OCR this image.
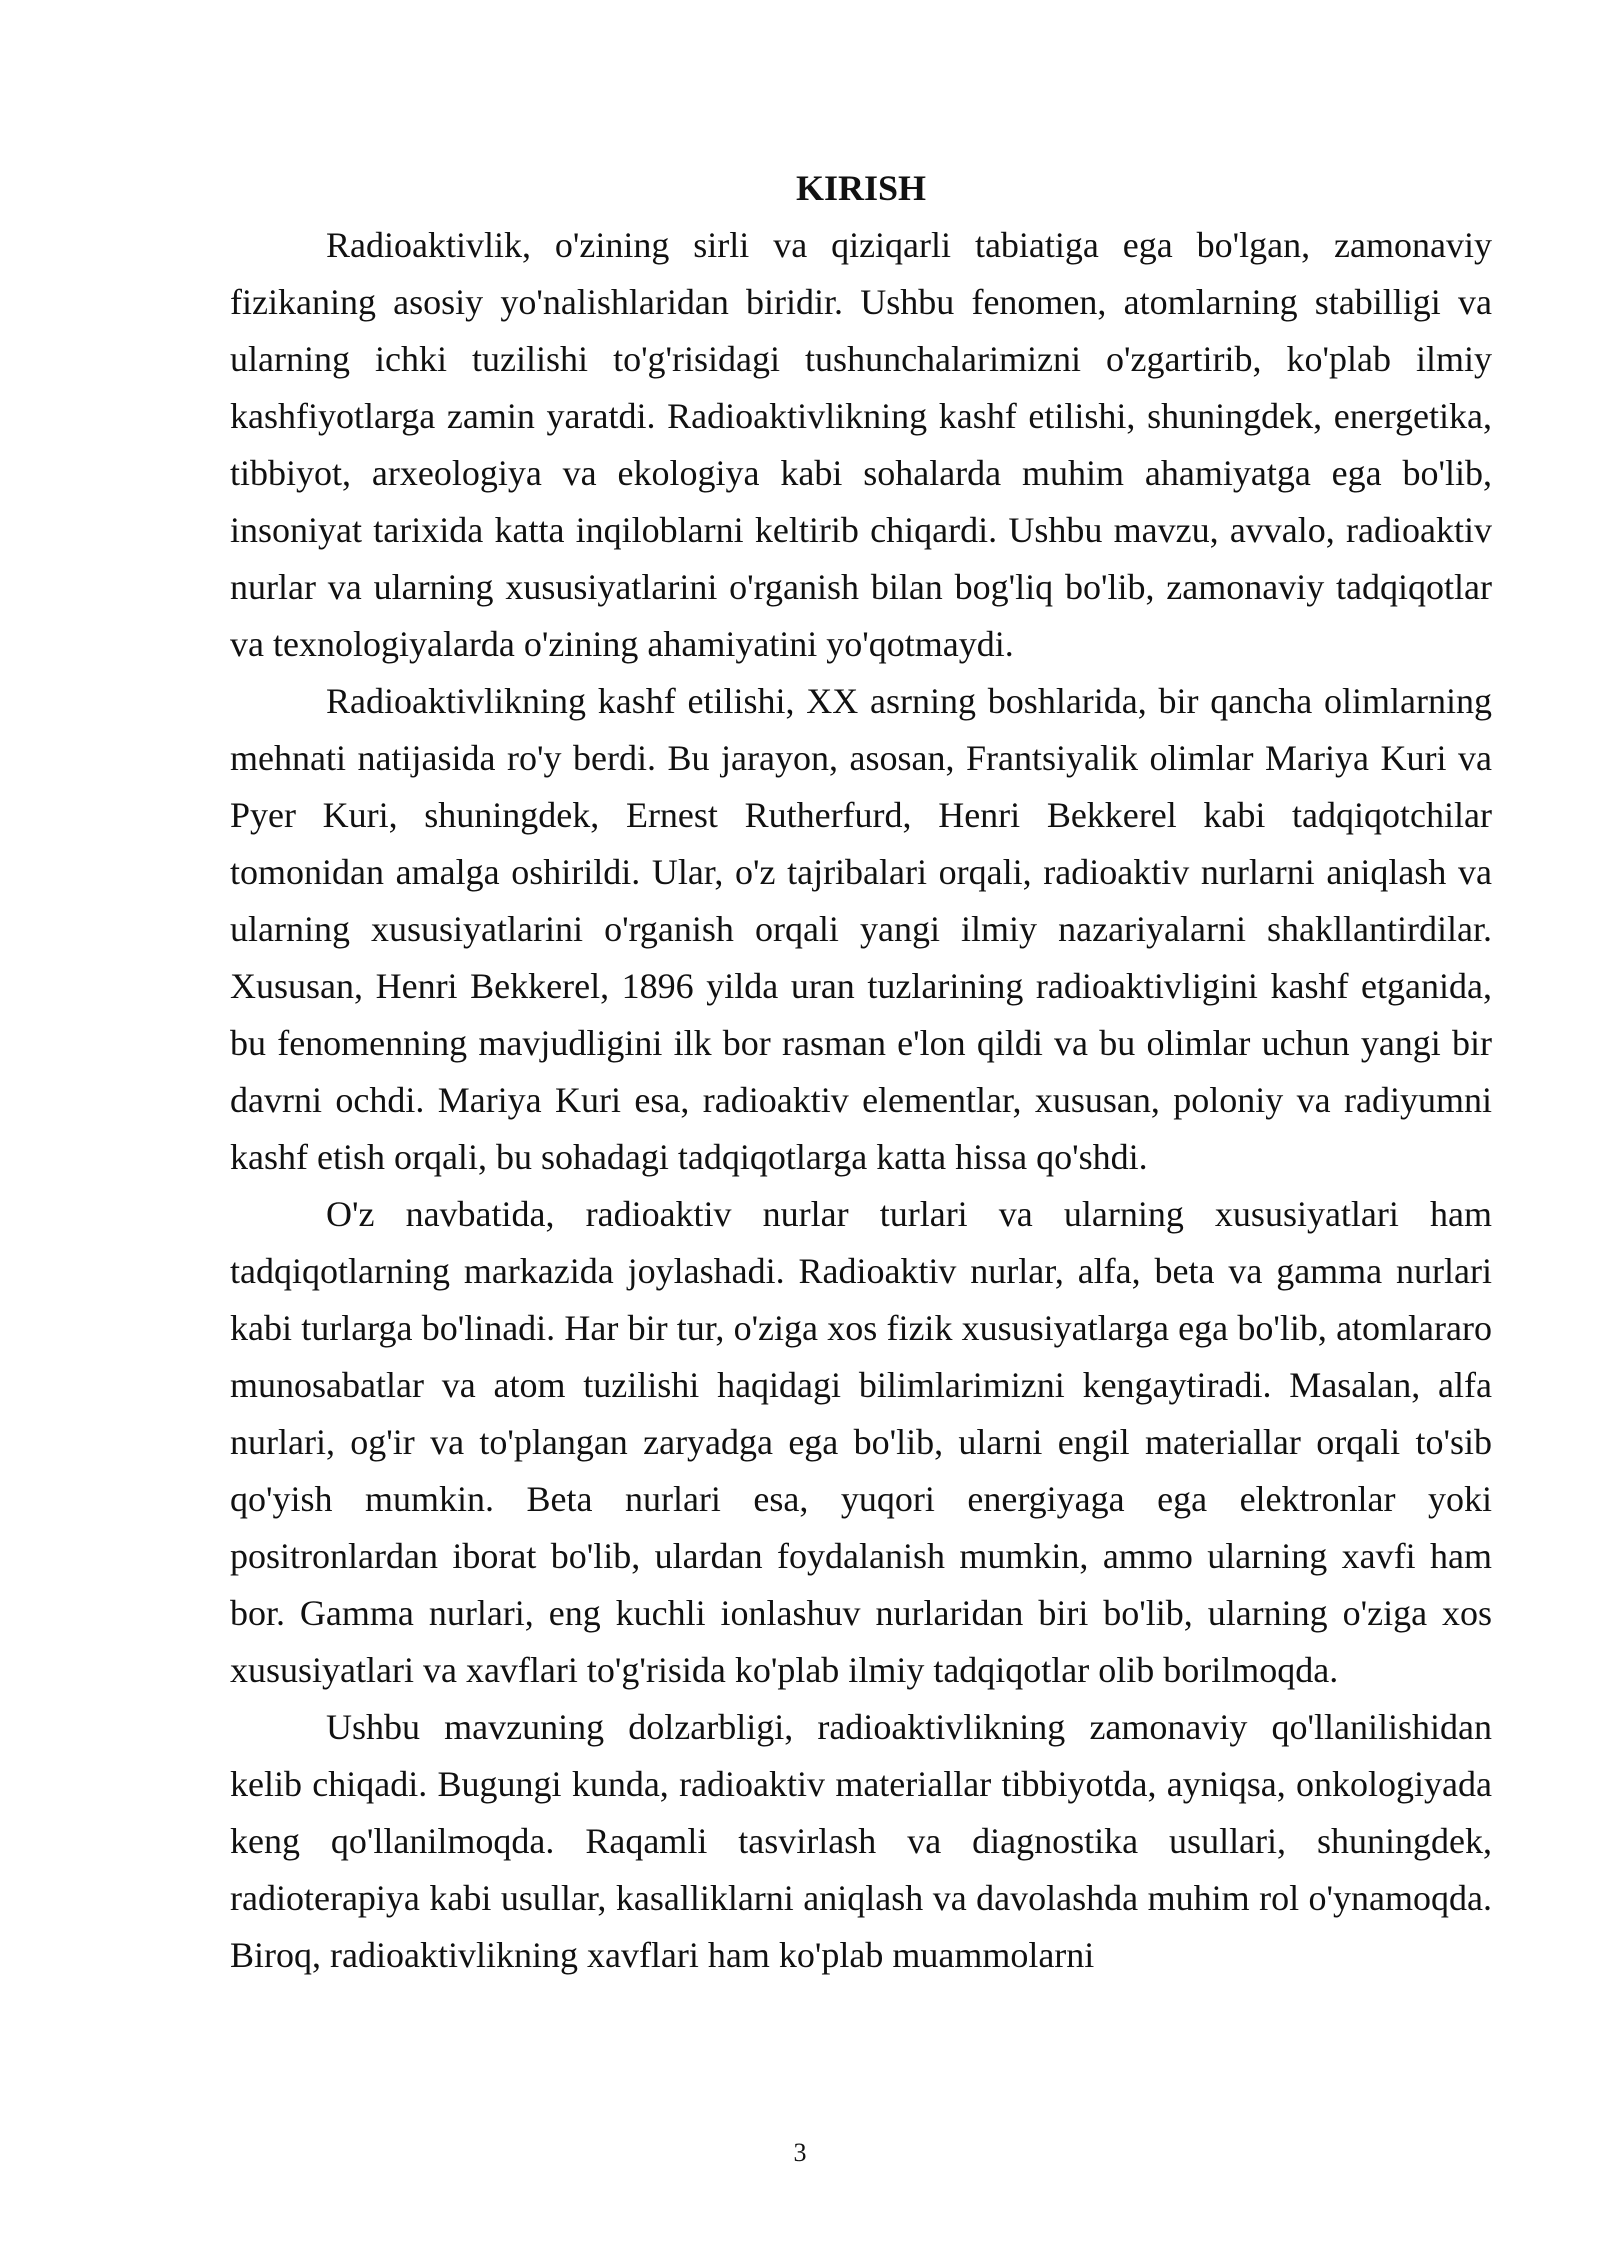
KIRISH

Radioaktivlik, o'zining sirli va qiziqarli tabiatiga ega bo'lgan, zamonaviy fizikaning asosiy yo'nalishlaridan biridir. Ushbu fenomen, atomlarning stabilligi va ularning ichki tuzilishi to'g'risidagi tushunchalarimizni o'zgartirib, ko'plab ilmiy kashfiyotlarga zamin yaratdi. Radioaktivlikning kashf etilishi, shuningdek, energetika, tibbiyot, arxeologiya va ekologiya kabi sohalarda muhim ahamiyatga ega bo'lib, insoniyat tarixida katta inqiloblarni keltirib chiqardi. Ushbu mavzu, avvalo, radioaktiv nurlar va ularning xususiyatlarini o'rganish bilan bog'liq bo'lib, zamonaviy tadqiqotlar va texnologiyalarda o'zining ahamiyatini yo'qotmaydi.

Radioaktivlikning kashf etilishi, XX asrning boshlarida, bir qancha olimlarning mehnati natijasida ro'y berdi. Bu jarayon, asosan, Frantsiyalik olimlar Mariya Kuri va Pyer Kuri, shuningdek, Ernest Rutherfurd, Henri Bekkerel kabi tadqiqotchilar tomonidan amalga oshirildi. Ular, o'z tajribalari orqali, radioaktiv nurlarni aniqlash va ularning xususiyatlarini o'rganish orqali yangi ilmiy nazariyalarni shakllantirdilar. Xususan, Henri Bekkerel, 1896 yilda uran tuzlarining radioaktivligini kashf etganida, bu fenomenning mavjudligini ilk bor rasman e'lon qildi va bu olimlar uchun yangi bir davrni ochdi. Mariya Kuri esa, radioaktiv elementlar, xususan, poloniy va radiyumni kashf etish orqali, bu sohadagi tadqiqotlarga katta hissa qo'shdi.

O'z navbatida, radioaktiv nurlar turlari va ularning xususiyatlari ham tadqiqotlarning markazida joylashadi. Radioaktiv nurlar, alfa, beta va gamma nurlari kabi turlarga bo'linadi. Har bir tur, o'ziga xos fizik xususiyatlarga ega bo'lib, atomlararo munosabatlar va atom tuzilishi haqidagi bilimlarimizni kengaytiradi. Masalan, alfa nurlari, og'ir va to'plangan zaryadga ega bo'lib, ularni engil materiallar orqali to'sib qo'yish mumkin. Beta nurlari esa, yuqori energiyaga ega elektronlar yoki positronlardan iborat bo'lib, ulardan foydalanish mumkin, ammo ularning xavfi ham bor. Gamma nurlari, eng kuchli ionlashuv nurlaridan biri bo'lib, ularning o'ziga xos xususiyatlari va xavflari to'g'risida ko'plab ilmiy tadqiqotlar olib borilmoqda.

Ushbu mavzuning dolzarbligi, radioaktivlikning zamonaviy qo'llanilishidan kelib chiqadi. Bugungi kunda, radioaktiv materiallar tibbiyotda, ayniqsa, onkologiyada keng qo'llanilmoqda. Raqamli tasvirlash va diagnostika usullari, shuningdek, radioterapiya kabi usullar, kasalliklarni aniqlash va davolashda muhim rol o'ynamoqda. Biroq, radioaktivlikning xavflari ham ko'plab muammolarni

3
